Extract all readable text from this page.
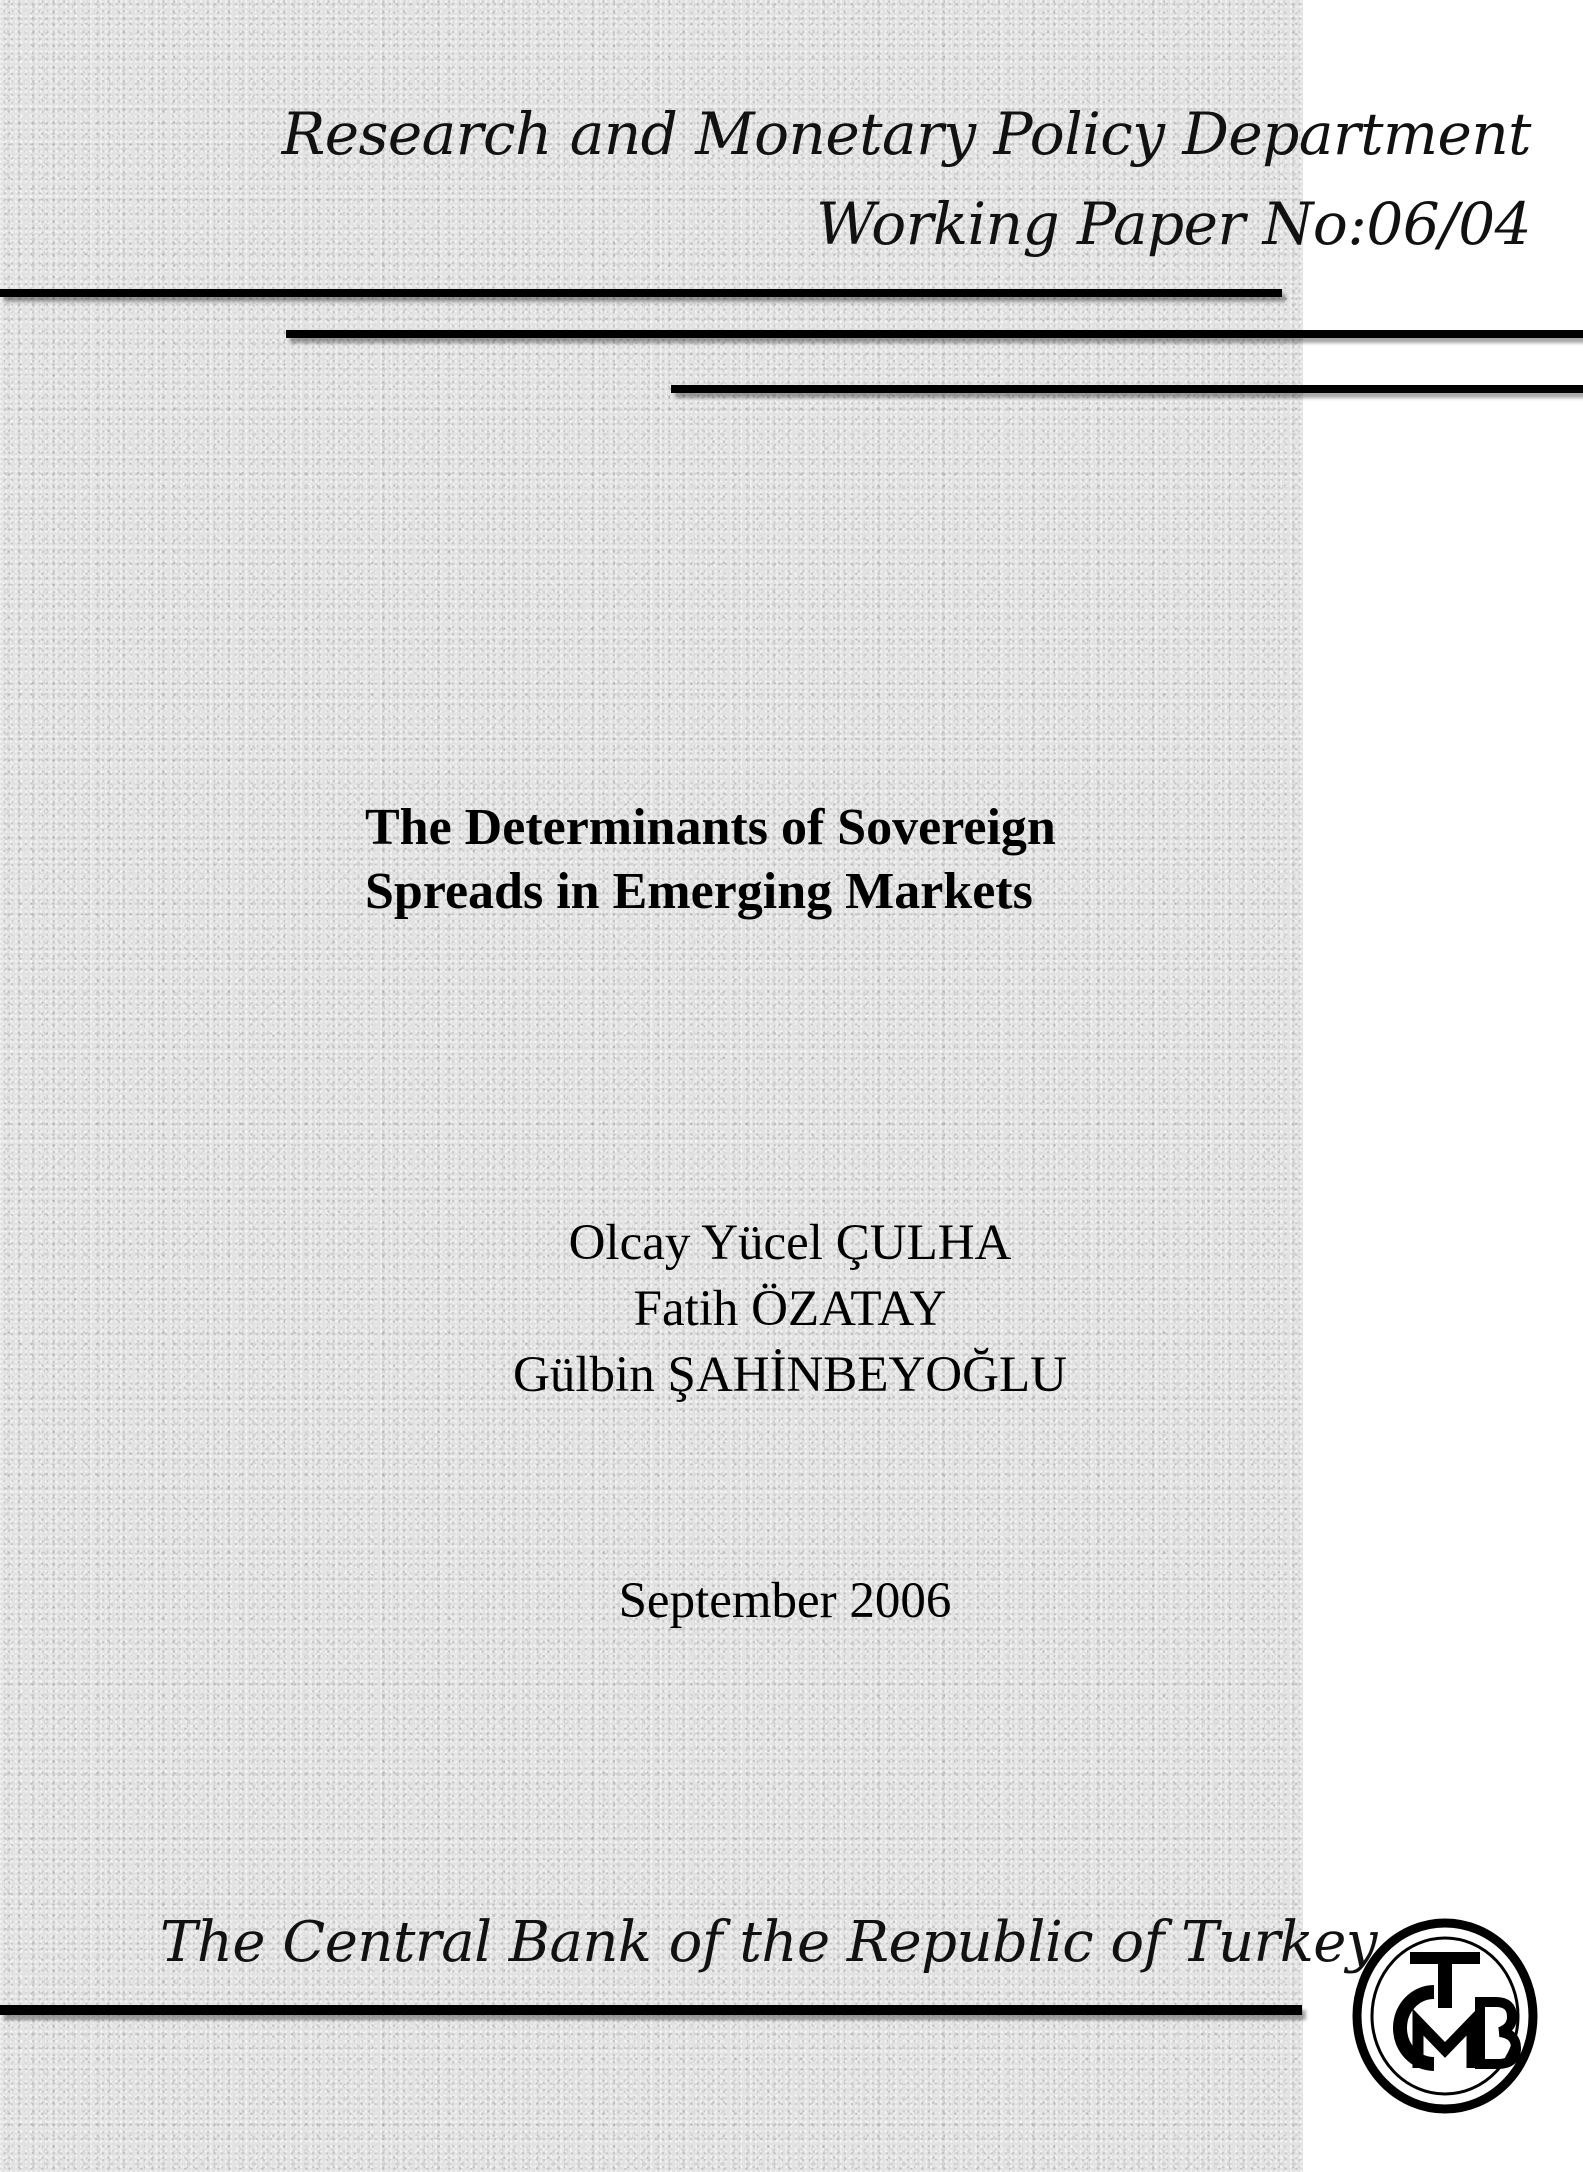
Research and Monetary Policy Department

Working Paper No:06/04

The Determinants of Sovereign
Spreads in Emerging Markets
Olcay Yücel ÇULHA
Fatih ÖZATAY
Gülbin ŞAHİNBEYOĞLU
September 2006

The Central Bank of the Republic of Turkey
